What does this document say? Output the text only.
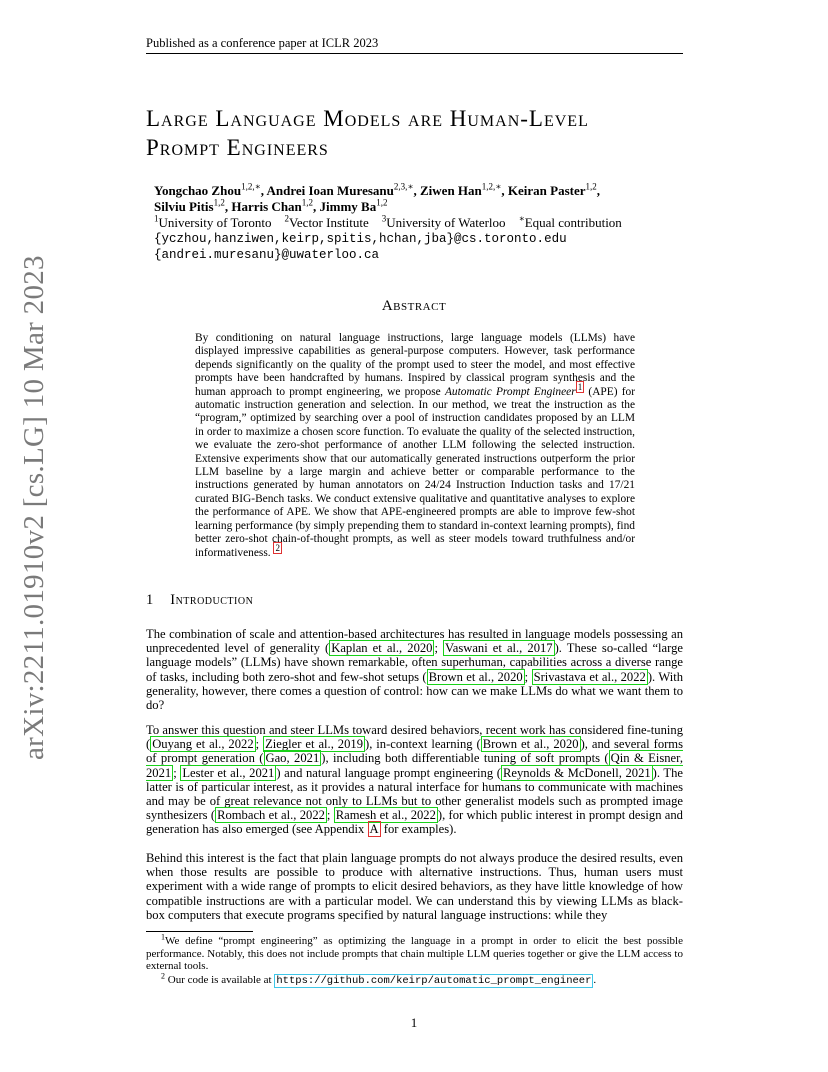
Published as a conference paper at ICLR 2023
arXiv:2211.01910v2 [cs.LG] 10 Mar 2023
Large Language Models are Human-Level
Prompt Engineers
Yongchao Zhou$^{1,2,∗}$, Andrei Ioan Muresanu$^{2,3,∗}$, Ziwen Han$^{1,2,∗}$, Keiran Paster$^{1,2}$,
Silviu Pitis$^{1,2}$, Harris Chan$^{1,2}$, Jimmy Ba$^{1,2}$
$^1$University of Toronto $^2$Vector Institute $^3$University of Waterloo ∗Equal contribution
{yczhou,hanziwen,keirp,spitis,hchan,jba}@cs.toronto.edu
{andrei.muresanu}@uwaterloo.ca
Abstract
By conditioning on natural language instructions, large language models (LLMs) have displayed impressive capabilities as general-purpose computers. However, task performance depends significantly on the quality of the prompt used to steer the model, and most effective prompts have been handcrafted by humans. Inspired by classical program synthesis and the human approach to prompt engineering, we propose Automatic Prompt Engineer $^1$ (APE) for automatic instruction generation and selection. In our method, we treat the instruction as the “program,” optimized by searching over a pool of instruction candidates proposed by an LLM in order to maximize a chosen score function. To evaluate the quality of the selected instruction, we evaluate the zero-shot performance of another LLM following the selected instruction. Extensive experiments show that our automatically generated instructions outperform the prior LLM baseline by a large margin and achieve better or comparable performance to the instructions generated by human annotators on 24/24 Instruction Induction tasks and 17/21 curated BIG-Bench tasks. We conduct extensive qualitative and quantitative analyses to explore the performance of APE. We show that APE-engineered prompts are able to improve few-shot learning performance (by simply prepending them to standard in-context learning prompts), find better zero-shot chain-of-thought prompts, as well as steer models toward truthfulness and/or informativeness. $^2$
1 Introduction
The combination of scale and attention-based architectures has resulted in language models possessing an unprecedented level of generality ( Kaplan et al., 2020 ; Vaswani et al., 2017 ). These so-called “large language models” (LLMs) have shown remarkable, often superhuman, capabilities across a diverse range of tasks, including both zero-shot and few-shot setups ( Brown et al., 2020 ; Srivastava et al., 2022 ). With generality, however, there comes a question of control: how can we make LLMs do what we want them to do?
To answer this question and steer LLMs toward desired behaviors, recent work has considered fine-tuning ( Ouyang et al., 2022 ; Ziegler et al., 2019 ), in-context learning ( Brown et al., 2020 ), and several forms of prompt generation ( Gao, 2021 ), including both differentiable tuning of soft prompts ( Qin & Eisner, 2021 ; Lester et al., 2021 ) and natural language prompt engineering ( Reynolds & McDonell, 2021 ). The latter is of particular interest, as it provides a natural interface for humans to communicate with machines and may be of great relevance not only to LLMs but to other generalist models such as prompted image synthesizers ( Rombach et al., 2022 ; Ramesh et al., 2022 ), for which public interest in prompt design and generation has also emerged (see Appendix A for examples).
Behind this interest is the fact that plain language prompts do not always produce the desired results, even when those results are possible to produce with alternative instructions. Thus, human users must experiment with a wide range of prompts to elicit desired behaviors, as they have little knowledge of how compatible instructions are with a particular model. We can understand this by viewing LLMs as black-box computers that execute programs specified by natural language instructions: while they
$^1$We define “prompt engineering” as optimizing the language in a prompt in order to elicit the best possible performance. Notably, this does not include prompts that chain multiple LLM queries together or give the LLM access to external tools.
$^2$ Our code is available at https://github.com/keirp/automatic_prompt_engineer .
1
